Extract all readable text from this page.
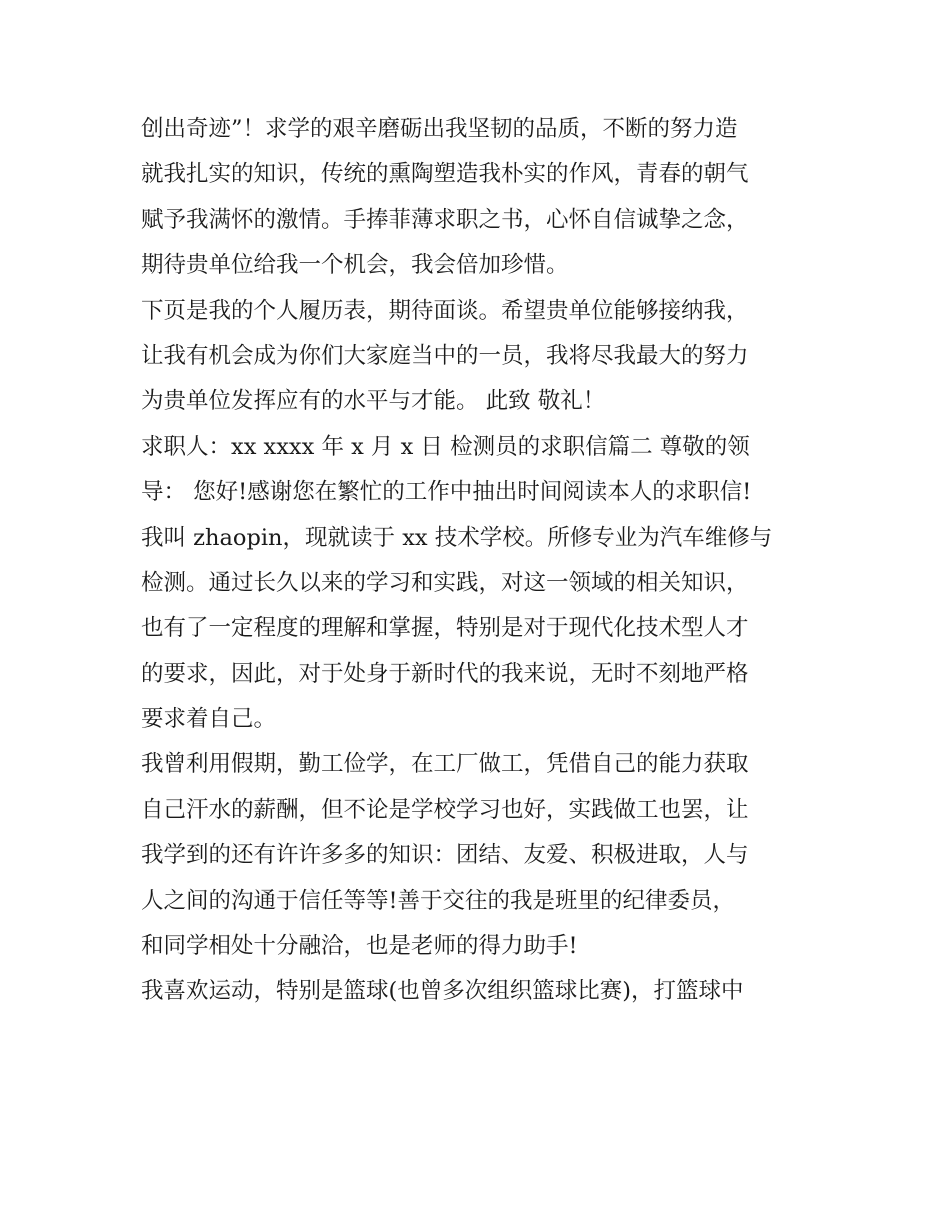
创出奇迹”！求学的艰辛磨砺出我坚韧的品质，不断的努力造
就我扎实的知识，传统的熏陶塑造我朴实的作风，青春的朝气
赋予我满怀的激情。手捧菲薄求职之书，心怀自信诚挚之念，
期待贵单位给我一个机会，我会倍加珍惜。
下页是我的个人履历表，期待面谈。希望贵单位能够接纳我，
让我有机会成为你们大家庭当中的一员，我将尽我最大的努力
为贵单位发挥应有的水平与才能。 此致 敬礼！
求职人：xx xxxx 年 x 月 x 日 检测员的求职信篇二 尊敬的领
导： 您好!感谢您在繁忙的工作中抽出时间阅读本人的求职信!
我叫 zhaopin，现就读于 xx 技术学校。所修专业为汽车维修与
检测。通过长久以来的学习和实践，对这一领域的相关知识，
也有了一定程度的理解和掌握，特别是对于现代化技术型人才
的要求，因此，对于处身于新时代的我来说，无时不刻地严格
要求着自己。
我曾利用假期，勤工俭学，在工厂做工，凭借自己的能力获取
自己汗水的薪酬，但不论是学校学习也好，实践做工也罢，让
我学到的还有许许多多的知识：团结、友爱、积极进取，人与
人之间的沟通于信任等等!善于交往的我是班里的纪律委员，
和同学相处十分融洽，也是老师的得力助手!
我喜欢运动，特别是篮球(也曾多次组织篮球比赛)，打篮球中
